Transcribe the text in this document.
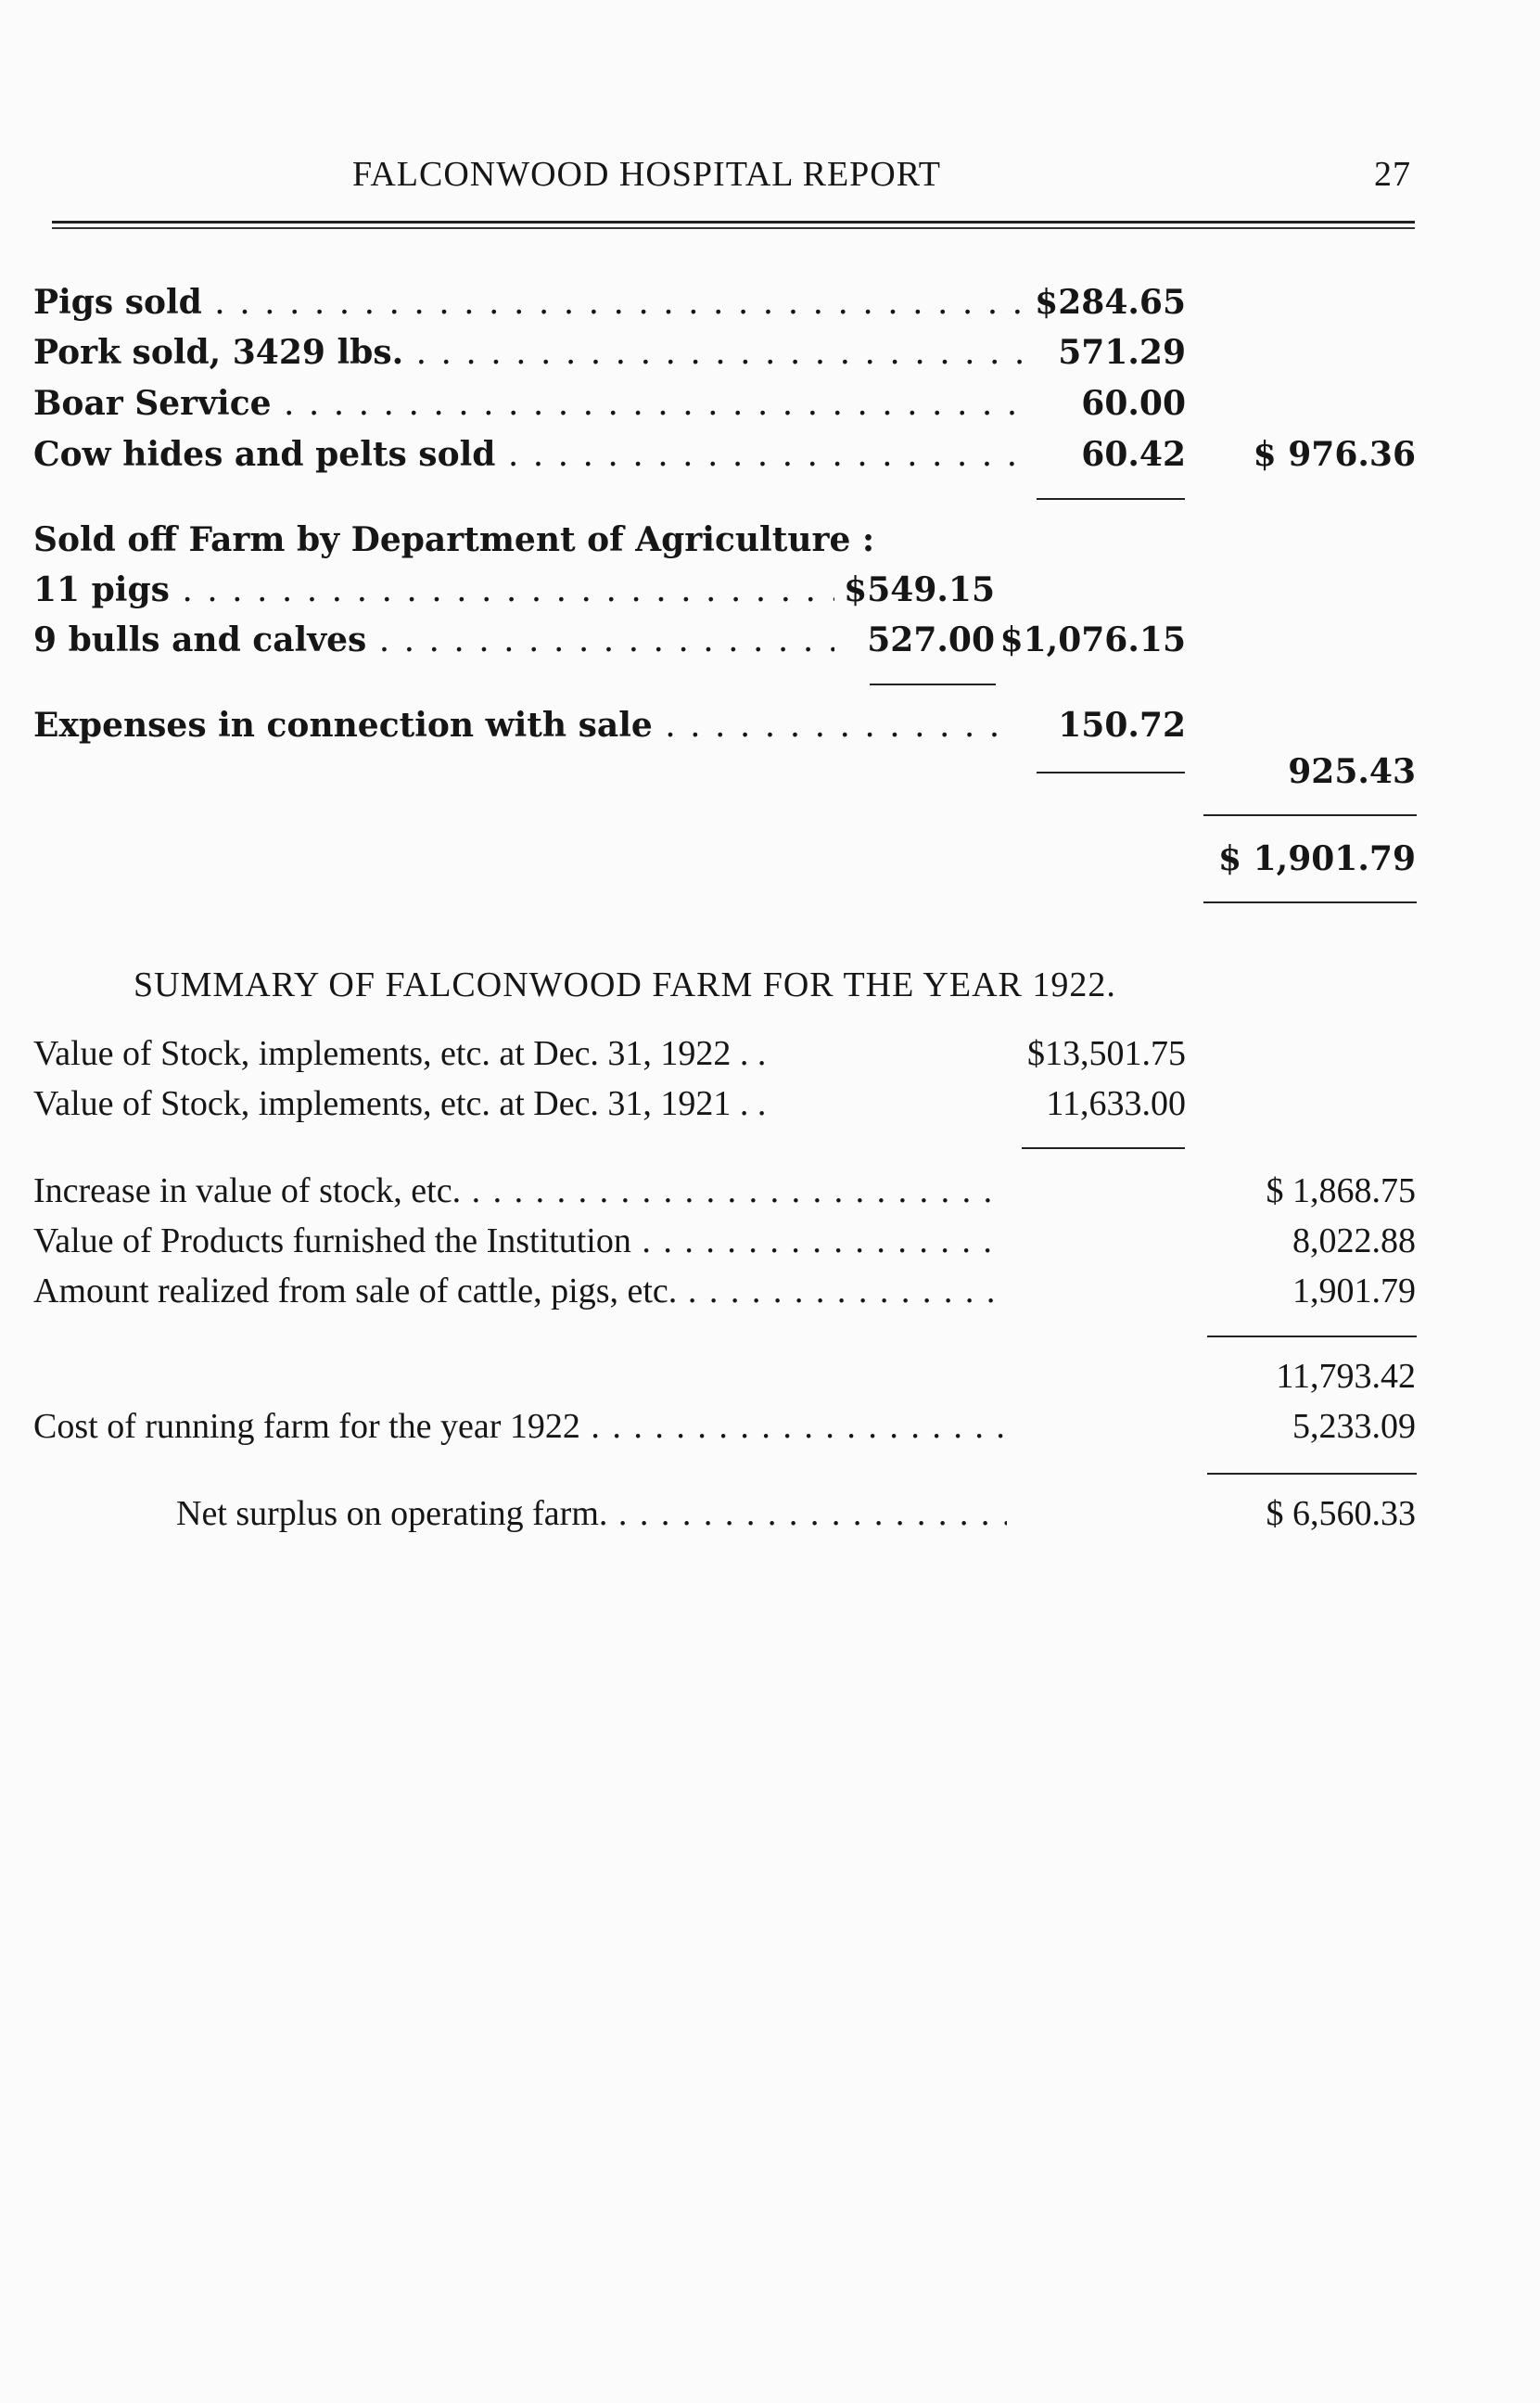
FALCONWOOD HOSPITAL REPORT	27
Pigs sold . . .	$284.65
Pork sold, 3429 lbs. . . .	571.29
Boar Service . . .	60.00
Cow hides and pelts sold . . .	60.42 $ 976.36
Sold off Farm by Department of Agriculture :
11 pigs . . .	$549.15
9 bulls and calves . . .	527.00 $1,076.15
Expenses in connection with sale . . .	150.72
925.43
$ 1,901.79
SUMMARY OF FALCONWOOD FARM FOR THE YEAR 1922.
Value of Stock, implements, etc. at Dec. 31, 1922 . .	$13,501.75
Value of Stock, implements, etc. at Dec. 31, 1921 . .	11,633.00
Increase in value of stock, etc. . . .	$ 1,868.75
Value of Products furnished the Institution . . .	8,022.88
Amount realized from sale of cattle, pigs, etc. . . .	1,901.79
11,793.42
Cost of running farm for the year 1922 . . .	5,233.09
Net surplus on operating farm. . . .	$ 6,560.33
